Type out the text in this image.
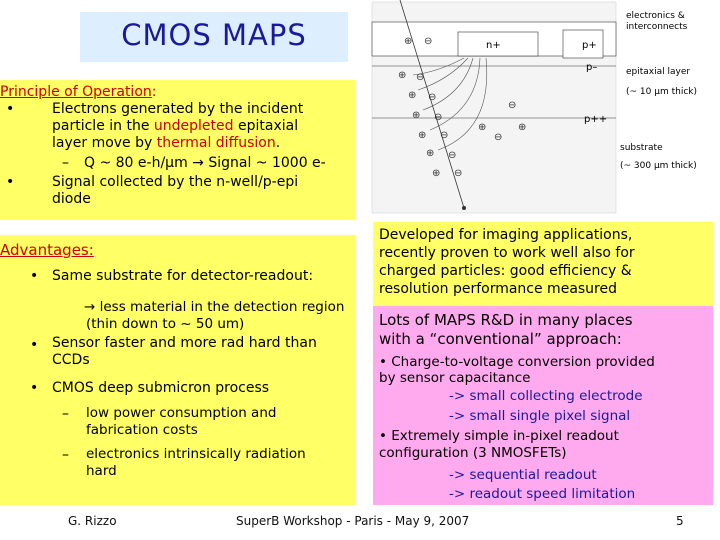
CMOS MAPS	⊕ ⊖
⊕ ⊖
⊕ ⊖
⊕ ⊖
⊕ ⊖
⊕ ⊖
⊕ ⊖
⊕
⊖
⊖
⊕
n+	p+
p–
p++
electronics &
interconnects
epitaxial layer
(~ 10 µm thick)
substrate
(~ 300 µm thick)
Principle of Operation:
•	Electrons generated by the incident
particle in the undepleted epitaxial
layer move by thermal diffusion.
– Q ~ 80 e-h/µm → Signal ~ 1000 e-
•	Signal collected by the n-well/p-epi
diode
Advantages:
• Same substrate for detector-readout:
→ less material in the detection region
(thin down to ~ 50 um)
• Sensor faster and more rad hard than
CCDs
• CMOS deep submicron process
– low power consumption and
fabrication costs
– electronics intrinsically radiation
hard
Developed for imaging applications,
recently proven to work well also for
charged particles: good efficiency &
resolution performance measured
Lots of MAPS R&D in many places
with a “conventional” approach:
• Charge-to-voltage conversion provided
by sensor capacitance
-> small collecting electrode
-> small single pixel signal
• Extremely simple in-pixel readout
configuration (3 NMOSFETs)
-> sequential readout
-> readout speed limitation
G. Rizzo	SuperB Workshop - Paris - May 9, 2007	5
